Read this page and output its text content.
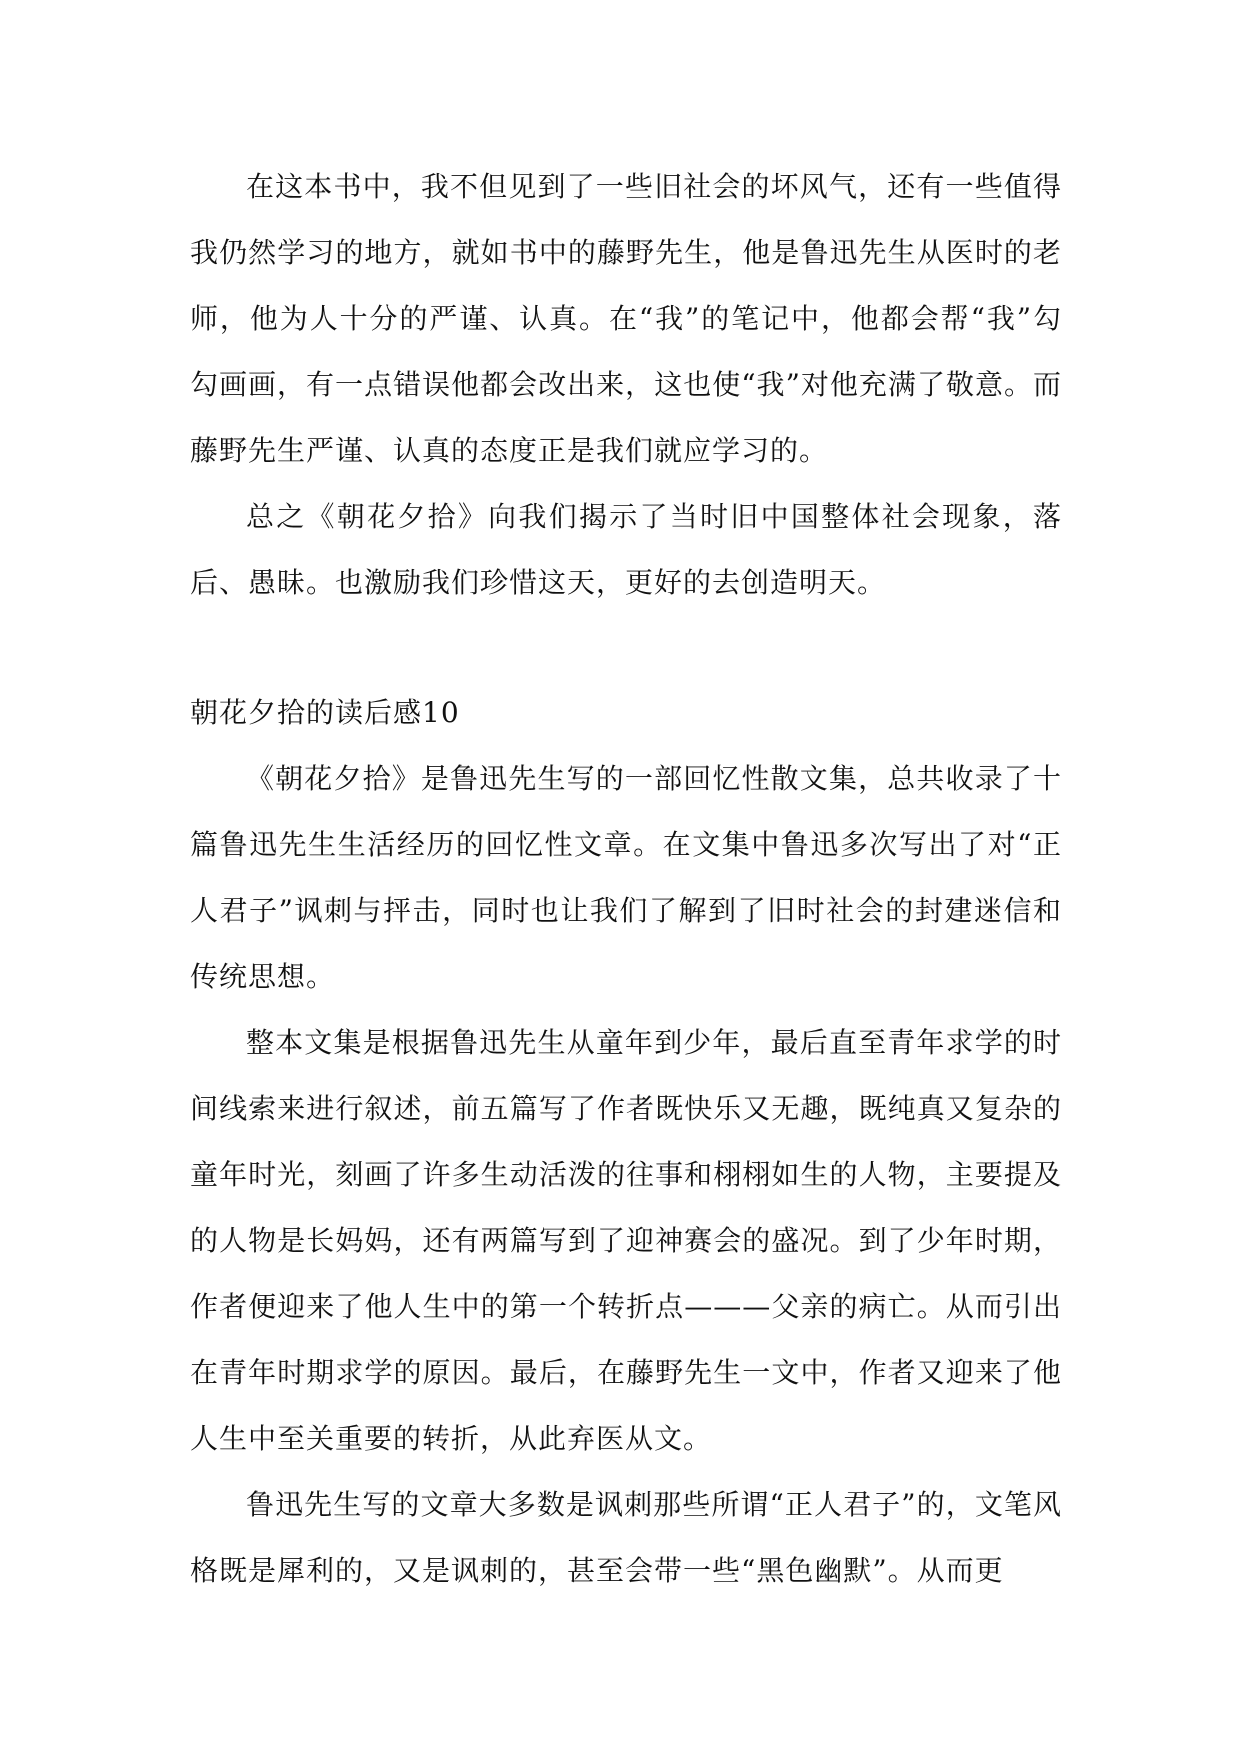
在这本书中，我不但见到了一些旧社会的坏风气，还有一些值得我仍然学习的地方，就如书中的藤野先生，他是鲁迅先生从医时的老师，他为人十分的严谨、认真。在“我”的笔记中，他都会帮“我”勾勾画画，有一点错误他都会改出来，这也使“我”对他充满了敬意。而藤野先生严谨、认真的态度正是我们就应学习的。

总之《朝花夕拾》向我们揭示了当时旧中国整体社会现象，落后、愚昧。也激励我们珍惜这天，更好的去创造明天。

朝花夕拾的读后感10

《朝花夕拾》是鲁迅先生写的一部回忆性散文集，总共收录了十篇鲁迅先生生活经历的回忆性文章。在文集中鲁迅多次写出了对“正人君子”讽刺与抨击，同时也让我们了解到了旧时社会的封建迷信和传统思想。

整本文集是根据鲁迅先生从童年到少年，最后直至青年求学的时间线索来进行叙述，前五篇写了作者既快乐又无趣，既纯真又复杂的童年时光，刻画了许多生动活泼的往事和栩栩如生的人物，主要提及的人物是长妈妈，还有两篇写到了迎神赛会的盛况。到了少年时期，作者便迎来了他人生中的第一个转折点———父亲的病亡。从而引出在青年时期求学的原因。最后，在藤野先生一文中，作者又迎来了他人生中至关重要的转折，从此弃医从文。

鲁迅先生写的文章大多数是讽刺那些所谓“正人君子”的，文笔风格既是犀利的，又是讽刺的，甚至会带一些“黑色幽默”。从而更
